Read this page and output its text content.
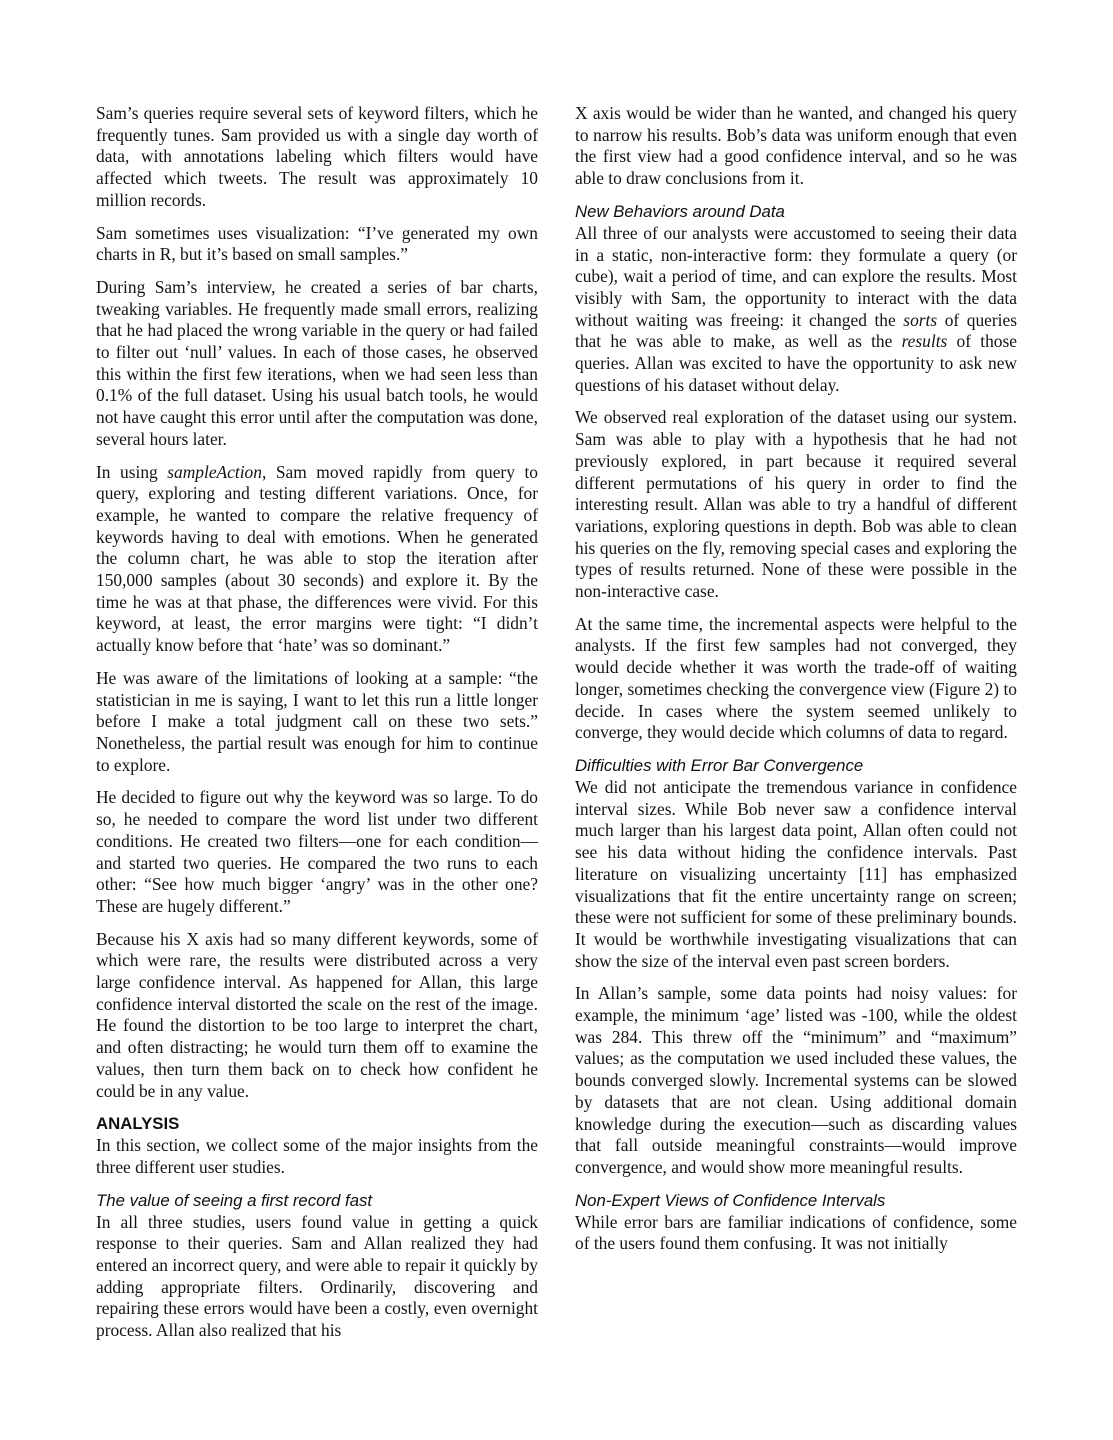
Sam’s queries require several sets of keyword filters, which he frequently tunes. Sam provided us with a single day worth of data, with annotations labeling which filters would have affected which tweets. The result was approximately 10 million records.

Sam sometimes uses visualization: “I’ve generated my own charts in R, but it’s based on small samples.”

During Sam’s interview, he created a series of bar charts, tweaking variables. He frequently made small errors, realizing that he had placed the wrong variable in the query or had failed to filter out ‘null’ values. In each of those cases, he observed this within the first few iterations, when we had seen less than 0.1% of the full dataset. Using his usual batch tools, he would not have caught this error until after the computation was done, several hours later.

In using sampleAction, Sam moved rapidly from query to query, exploring and testing different variations. Once, for example, he wanted to compare the relative frequency of keywords having to deal with emotions. When he generated the column chart, he was able to stop the iteration after 150,000 samples (about 30 seconds) and explore it. By the time he was at that phase, the differences were vivid. For this keyword, at least, the error margins were tight: “I didn’t actually know before that ‘hate’ was so dominant.”

He was aware of the limitations of looking at a sample: “the statistician in me is saying, I want to let this run a little longer before I make a total judgment call on these two sets.” Nonetheless, the partial result was enough for him to continue to explore.

He decided to figure out why the keyword was so large. To do so, he needed to compare the word list under two different conditions. He created two filters—one for each condition—and started two queries. He compared the two runs to each other: “See how much bigger ‘angry’ was in the other one? These are hugely different.”

Because his X axis had so many different keywords, some of which were rare, the results were distributed across a very large confidence interval. As happened for Allan, this large confidence interval distorted the scale on the rest of the image. He found the distortion to be too large to interpret the chart, and often distracting; he would turn them off to examine the values, then turn them back on to check how confident he could be in any value.

ANALYSIS

In this section, we collect some of the major insights from the three different user studies.

The value of seeing a first record fast

In all three studies, users found value in getting a quick response to their queries. Sam and Allan realized they had entered an incorrect query, and were able to repair it quickly by adding appropriate filters. Ordinarily, discovering and repairing these errors would have been a costly, even overnight process. Allan also realized that his

X axis would be wider than he wanted, and changed his query to narrow his results. Bob’s data was uniform enough that even the first view had a good confidence interval, and so he was able to draw conclusions from it.

New Behaviors around Data

All three of our analysts were accustomed to seeing their data in a static, non-interactive form: they formulate a query (or cube), wait a period of time, and can explore the results. Most visibly with Sam, the opportunity to interact with the data without waiting was freeing: it changed the sorts of queries that he was able to make, as well as the results of those queries. Allan was excited to have the opportunity to ask new questions of his dataset without delay.

We observed real exploration of the dataset using our system. Sam was able to play with a hypothesis that he had not previously explored, in part because it required several different permutations of his query in order to find the interesting result. Allan was able to try a handful of different variations, exploring questions in depth. Bob was able to clean his queries on the fly, removing special cases and exploring the types of results returned. None of these were possible in the non-interactive case.

At the same time, the incremental aspects were helpful to the analysts. If the first few samples had not converged, they would decide whether it was worth the trade-off of waiting longer, sometimes checking the convergence view (Figure 2) to decide. In cases where the system seemed unlikely to converge, they would decide which columns of data to regard.

Difficulties with Error Bar Convergence

We did not anticipate the tremendous variance in confidence interval sizes. While Bob never saw a confidence interval much larger than his largest data point, Allan often could not see his data without hiding the confidence intervals. Past literature on visualizing uncertainty [11] has emphasized visualizations that fit the entire uncertainty range on screen; these were not sufficient for some of these preliminary bounds. It would be worthwhile investigating visualizations that can show the size of the interval even past screen borders.

In Allan’s sample, some data points had noisy values: for example, the minimum ‘age’ listed was -100, while the oldest was 284. This threw off the “minimum” and “maximum” values; as the computation we used included these values, the bounds converged slowly. Incremental systems can be slowed by datasets that are not clean. Using additional domain knowledge during the execution—such as discarding values that fall outside meaningful constraints—would improve convergence, and would show more meaningful results.

Non-Expert Views of Confidence Intervals

While error bars are familiar indications of confidence, some of the users found them confusing. It was not initially
